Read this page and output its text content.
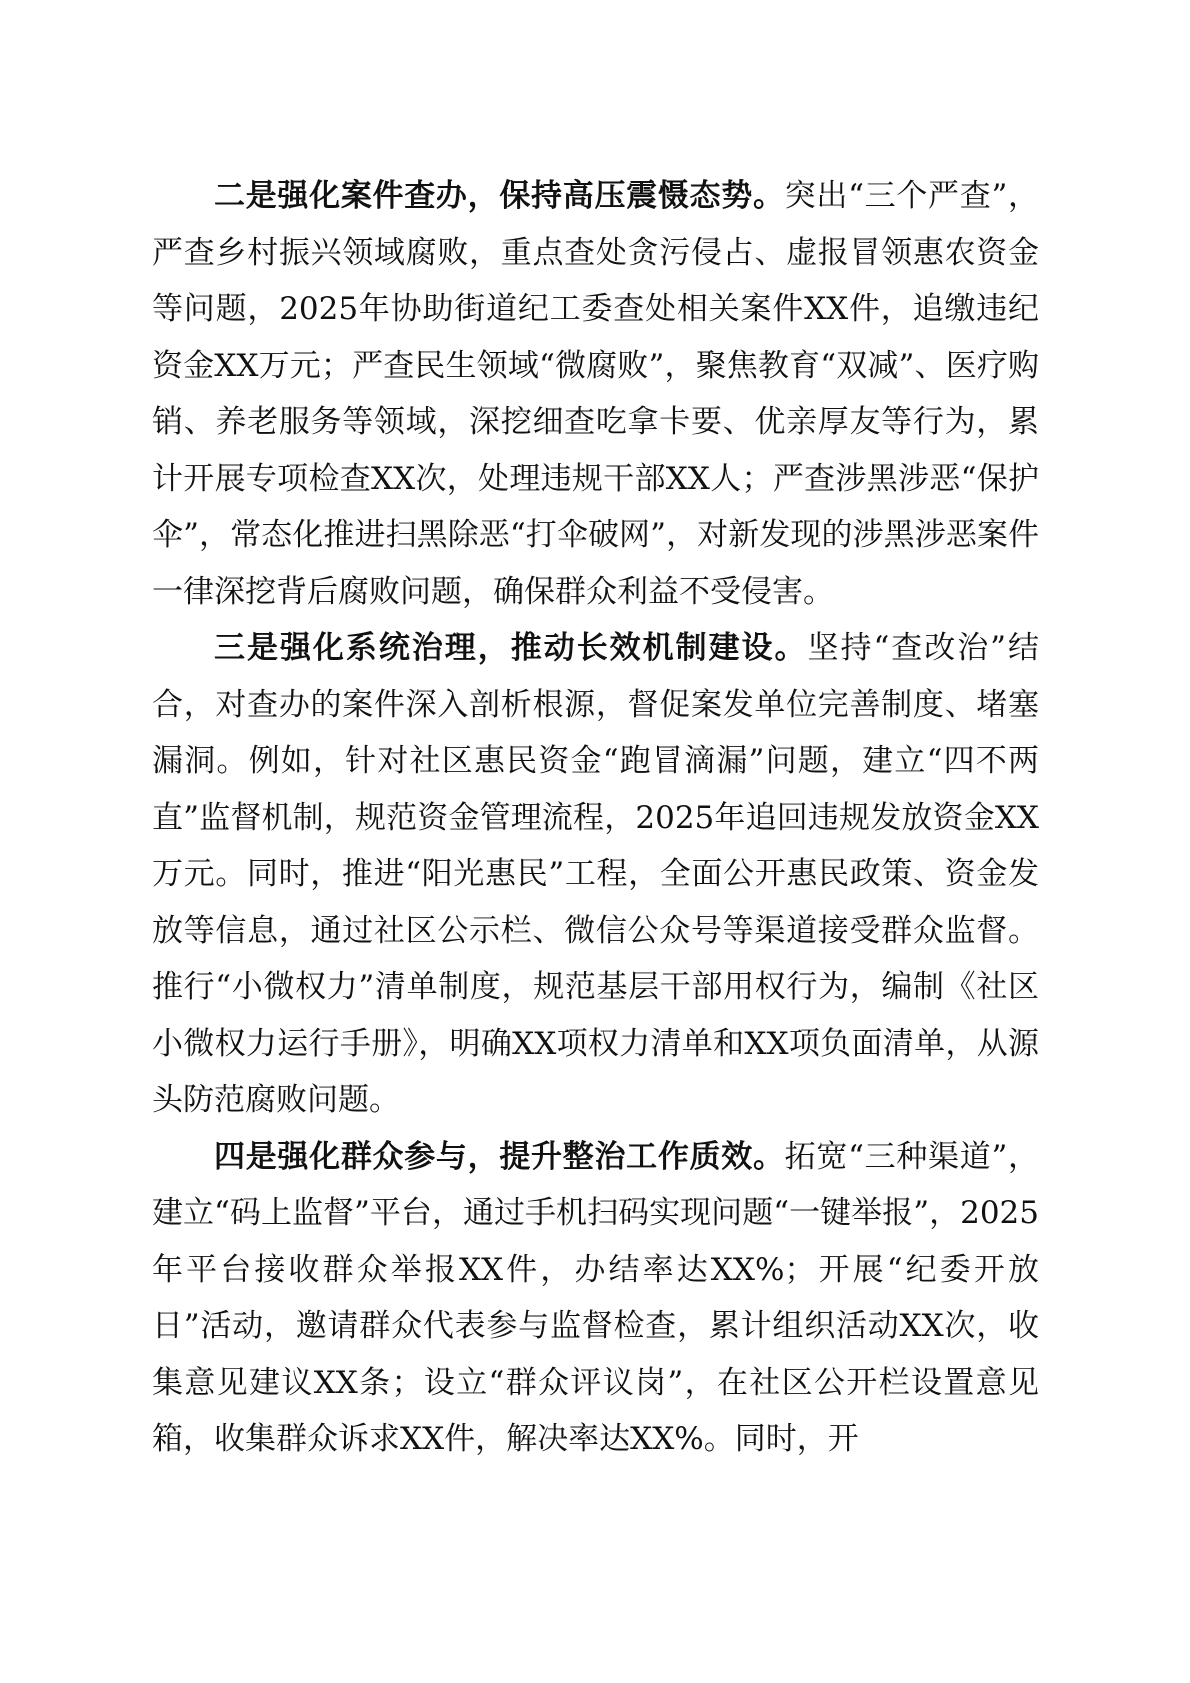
二是强化案件查办，保持高压震慑态势。突出“三个严查”，严查乡村振兴领域腐败，重点查处贪污侵占、虚报冒领惠农资金等问题，2025年协助街道纪工委查处相关案件XX件，追缴违纪资金XX万元；严查民生领域“微腐败”，聚焦教育“双减”、医疗购销、养老服务等领域，深挖细查吃拿卡要、优亲厚友等行为，累计开展专项检查XX次，处理违规干部XX人；严查涉黑涉恶“保护伞”，常态化推进扫黑除恶“打伞破网”，对新发现的涉黑涉恶案件一律深挖背后腐败问题，确保群众利益不受侵害。

三是强化系统治理，推动长效机制建设。坚持“查改治”结合，对查办的案件深入剖析根源，督促案发单位完善制度、堵塞漏洞。例如，针对社区惠民资金“跑冒滴漏”问题，建立“四不两直”监督机制，规范资金管理流程，2025年追回违规发放资金XX万元。同时，推进“阳光惠民”工程，全面公开惠民政策、资金发放等信息，通过社区公示栏、微信公众号等渠道接受群众监督。推行“小微权力”清单制度，规范基层干部用权行为，编制《社区小微权力运行手册》，明确XX项权力清单和XX项负面清单，从源头防范腐败问题。

四是强化群众参与，提升整治工作质效。拓宽“三种渠道”，建立“码上监督”平台，通过手机扫码实现问题“一键举报”，2025年平台接收群众举报XX件，办结率达XX%；开展“纪委开放日”活动，邀请群众代表参与监督检查，累计组织活动XX次，收集意见建议XX条；设立“群众评议岗”，在社区公开栏设置意见箱，收集群众诉求XX件，解决率达XX%。同时，开
